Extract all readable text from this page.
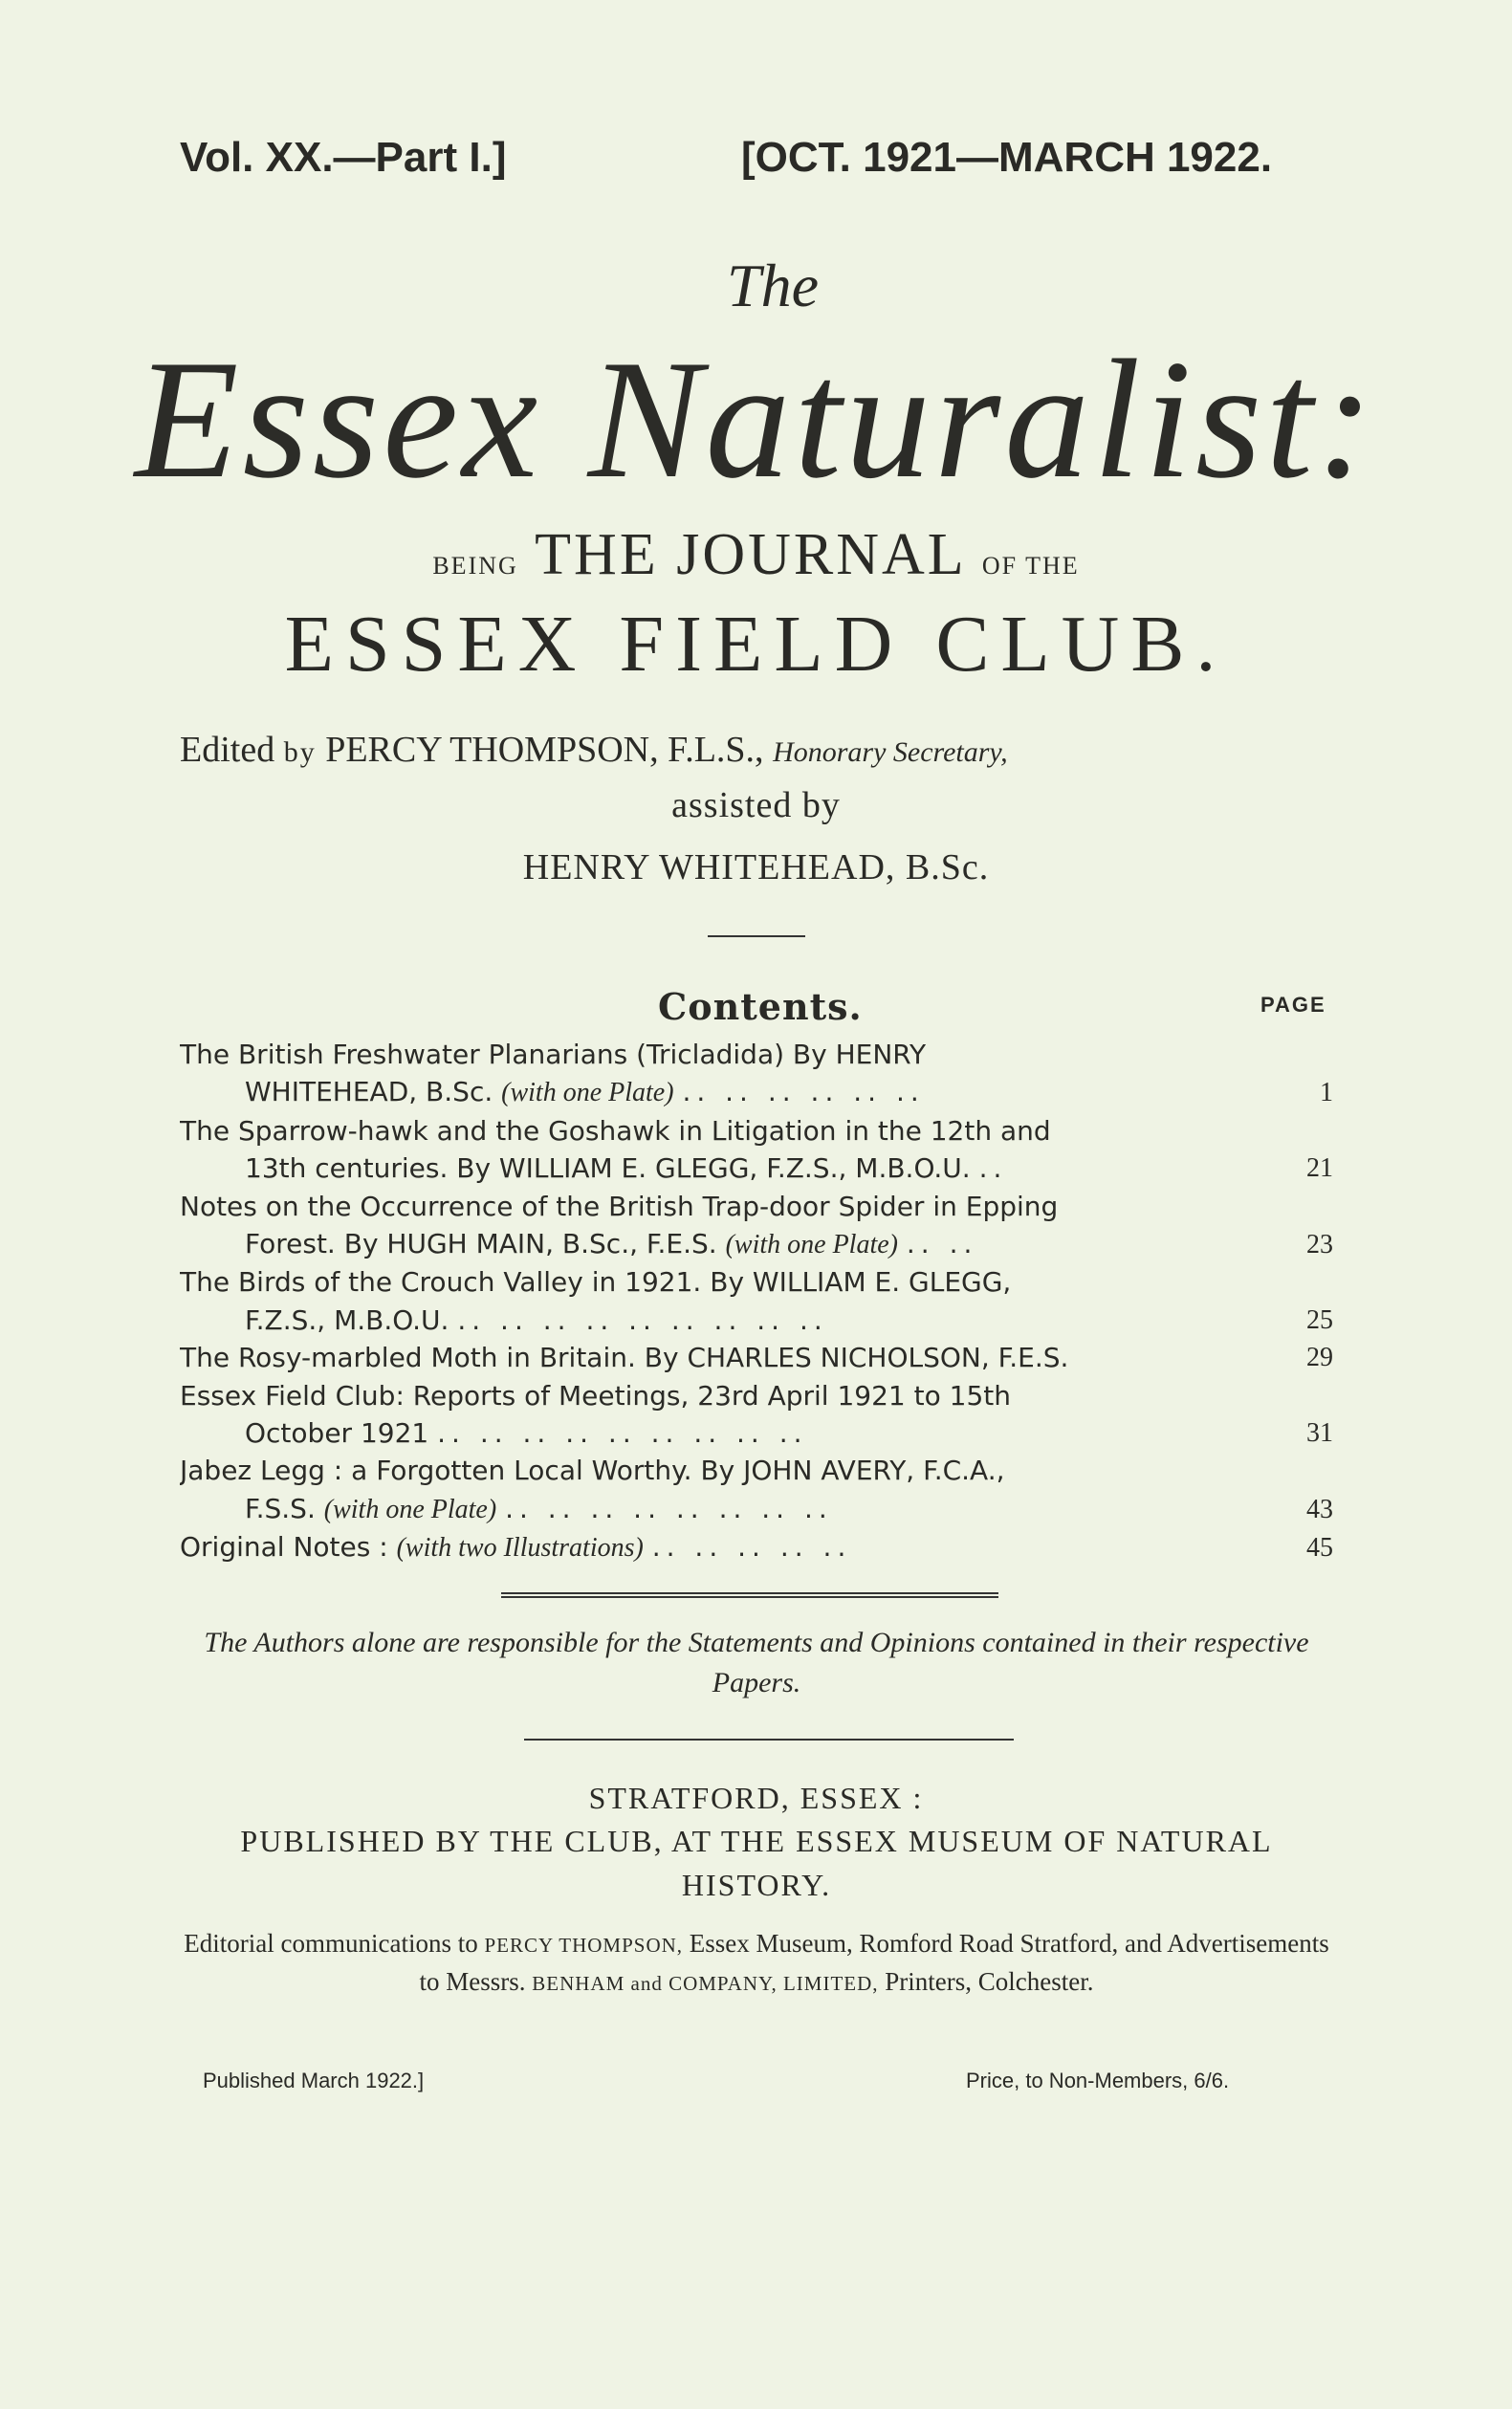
Vol. XX.—Part I.]	[OCT. 1921—MARCH 1922.
The
Essex Naturalist:
BEING THE JOURNAL OF THE
ESSEX FIELD CLUB.
Edited by PERCY THOMPSON, F.L.S., Honorary Secretary,
assisted by
HENRY WHITEHEAD, B.Sc.
Contents.	PAGE
The British Freshwater Planarians (Tricladida) By HENRY
WHITEHEAD, B.Sc. (with one Plate) .. .. .. .. .. ..	1
The Sparrow-hawk and the Goshawk in Litigation in the 12th and
13th centuries. By WILLIAM E. GLEGG, F.Z.S., M.B.O.U. ..	21
Notes on the Occurrence of the British Trap-door Spider in Epping
Forest. By HUGH MAIN, B.Sc., F.E.S. (with one Plate) .. ..	23
The Birds of the Crouch Valley in 1921. By WILLIAM E. GLEGG,
F.Z.S., M.B.O.U. .. .. .. .. .. .. .. .. ..	25
The Rosy-marbled Moth in Britain. By CHARLES NICHOLSON, F.E.S.	29
Essex Field Club: Reports of Meetings, 23rd April 1921 to 15th
October 1921 .. .. .. .. .. .. .. .. ..	31
Jabez Legg : a Forgotten Local Worthy. By JOHN AVERY, F.C.A.,
F.S.S. (with one Plate) .. .. .. .. .. .. .. ..	43
Original Notes : (with two Illustrations) .. .. .. .. ..	45
The Authors alone are responsible for the Statements and Opinions contained in their respective Papers.
STRATFORD, ESSEX :
PUBLISHED BY THE CLUB, AT THE ESSEX MUSEUM OF NATURAL HISTORY.
Editorial communications to PERCY THOMPSON, Essex Museum, Romford Road Stratford, and Advertisements to Messrs. BENHAM and COMPANY, LIMITED, Printers, Colchester.
Published March 1922.]	Price, to Non-Members, 6/6.
